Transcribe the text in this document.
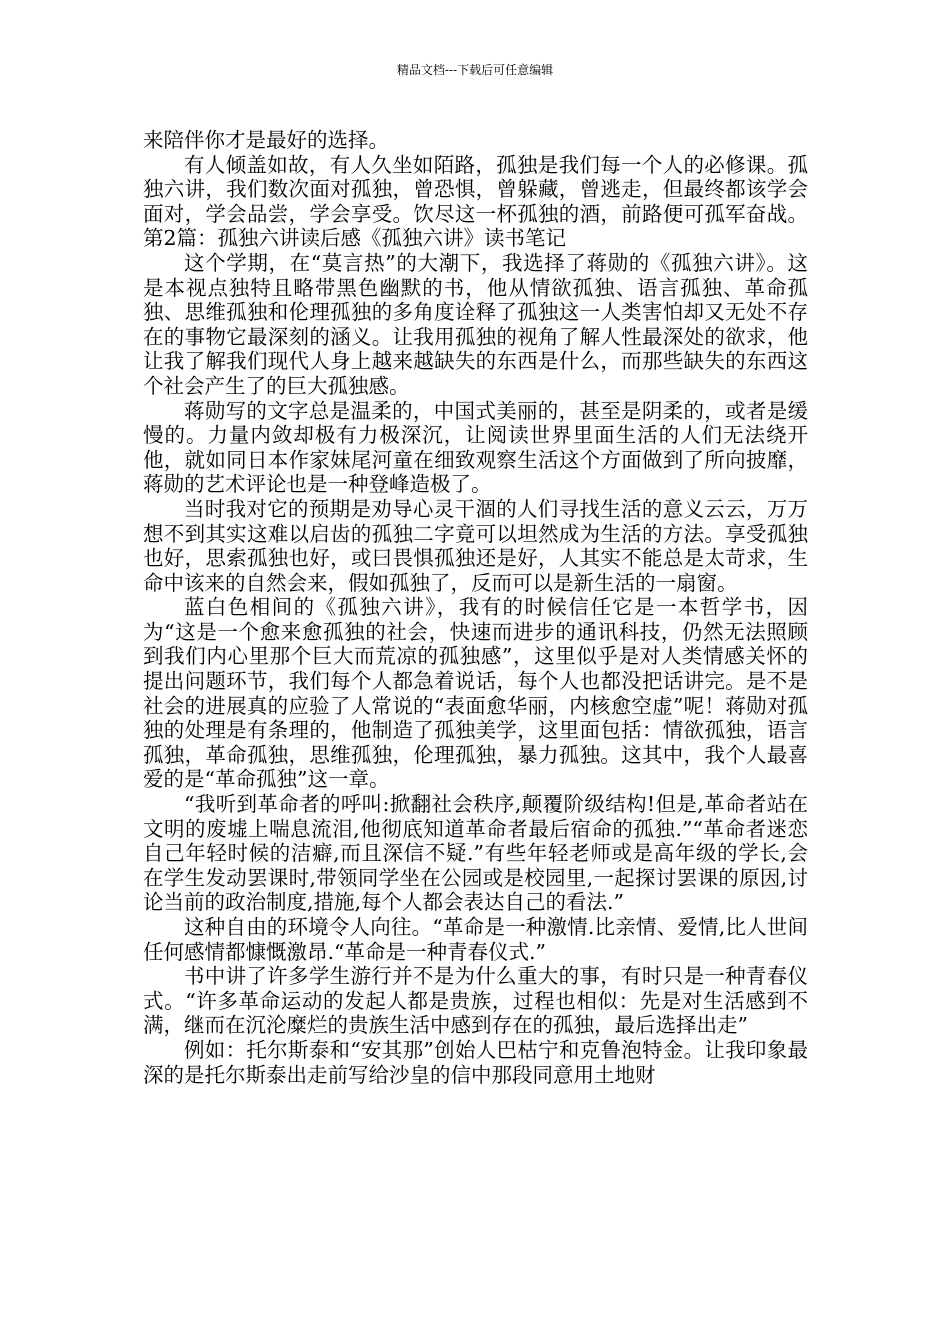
精品文档---下载后可任意编辑

来陪伴你才是最好的选择。

有人倾盖如故，有人久坐如陌路，孤独是我们每一个人的必修课。孤独六讲，我们数次面对孤独，曾恐惧，曾躲藏，曾逃走，但最终都该学会面对，学会品尝，学会享受。饮尽这一杯孤独的酒，前路便可孤军奋战。第2篇：孤独六讲读后感《孤独六讲》读书笔记

这个学期，在“莫言热”的大潮下，我选择了蒋勋的《孤独六讲》。这是本视点独特且略带黑色幽默的书，他从情欲孤独、语言孤独、革命孤独、思维孤独和伦理孤独的多角度诠释了孤独这一人类害怕却又无处不存在的事物它最深刻的涵义。让我用孤独的视角了解人性最深处的欲求，他让我了解我们现代人身上越来越缺失的东西是什么，而那些缺失的东西这个社会产生了的巨大孤独感。

蒋勋写的文字总是温柔的，中国式美丽的，甚至是阴柔的，或者是缓慢的。力量内敛却极有力极深沉，让阅读世界里面生活的人们无法绕开他，就如同日本作家妹尾河童在细致观察生活这个方面做到了所向披靡，蒋勋的艺术评论也是一种登峰造极了。

当时我对它的预期是劝导心灵干涸的人们寻找生活的意义云云，万万想不到其实这难以启齿的孤独二字竟可以坦然成为生活的方法。享受孤独也好，思索孤独也好，或曰畏惧孤独还是好，人其实不能总是太苛求，生命中该来的自然会来，假如孤独了，反而可以是新生活的一扇窗。

蓝白色相间的《孤独六讲》，我有的时候信任它是一本哲学书，因为“这是一个愈来愈孤独的社会，快速而进步的通讯科技，仍然无法照顾到我们内心里那个巨大而荒凉的孤独感”，这里似乎是对人类情感关怀的提出问题环节，我们每个人都急着说话，每个人也都没把话讲完。是不是社会的进展真的应验了人常说的“表面愈华丽，内核愈空虚”呢！蒋勋对孤独的处理是有条理的，他制造了孤独美学，这里面包括：情欲孤独，语言孤独，革命孤独，思维孤独，伦理孤独，暴力孤独。这其中，我个人最喜爱的是“革命孤独”这一章。

“我听到革命者的呼叫:掀翻社会秩序,颠覆阶级结构!但是,革命者站在文明的废墟上喘息流泪,他彻底知道革命者最后宿命的孤独.”“革命者迷恋自己年轻时候的洁癖,而且深信不疑.”有些年轻老师或是高年级的学长,会在学生发动罢课时,带领同学坐在公园或是校园里,一起探讨罢课的原因,讨论当前的政治制度,措施,每个人都会表达自己的看法.”

这种自由的环境令人向往。“革命是一种激情.比亲情、爱情,比人世间任何感情都慷慨激昂.“革命是一种青春仪式.”

书中讲了许多学生游行并不是为什么重大的事，有时只是一种青春仪式。“许多革命运动的发起人都是贵族，过程也相似：先是对生活感到不满，继而在沉沦糜烂的贵族生活中感到存在的孤独，最后选择出走”

例如：托尔斯泰和“安其那”创始人巴枯宁和克鲁泡特金。让我印象最深的是托尔斯泰出走前写给沙皇的信中那段同意用土地财
